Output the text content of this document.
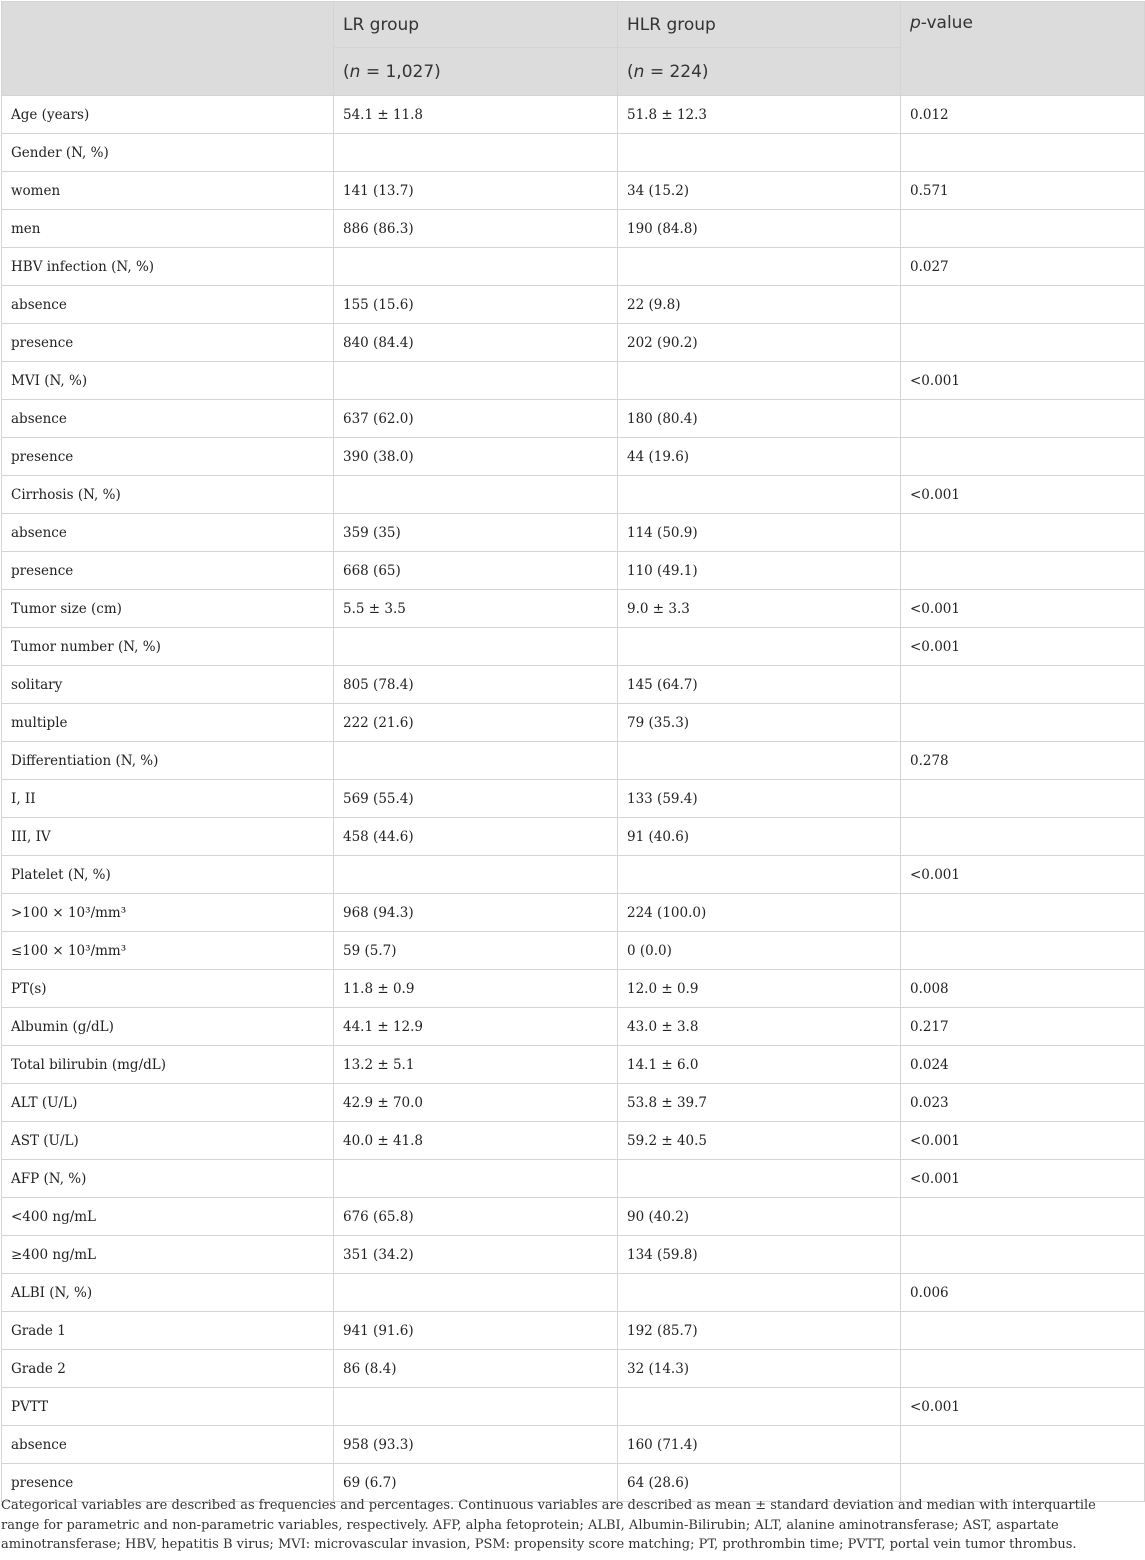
	LR group	HLR group	p-value
	(n = 1,027)	(n = 224)	
Age (years)	54.1 ± 11.8	51.8 ± 12.3	0.012
Gender (N, %)			
women	141 (13.7)	34 (15.2)	0.571
men	886 (86.3)	190 (84.8)	
HBV infection (N, %)			0.027
absence	155 (15.6)	22 (9.8)	
presence	840 (84.4)	202 (90.2)	
MVI (N, %)			<0.001
absence	637 (62.0)	180 (80.4)	
presence	390 (38.0)	44 (19.6)	
Cirrhosis (N, %)			<0.001
absence	359 (35)	114 (50.9)	
presence	668 (65)	110 (49.1)	
Tumor size (cm)	5.5 ± 3.5	9.0 ± 3.3	<0.001
Tumor number (N, %)			<0.001
solitary	805 (78.4)	145 (64.7)	
multiple	222 (21.6)	79 (35.3)	
Differentiation (N, %)			0.278
I, II	569 (55.4)	133 (59.4)	
III, IV	458 (44.6)	91 (40.6)	
Platelet (N, %)			<0.001
>100 × 10³/mm³	968 (94.3)	224 (100.0)	
≤100 × 10³/mm³	59 (5.7)	0 (0.0)	
PT(s)	11.8 ± 0.9	12.0 ± 0.9	0.008
Albumin (g/dL)	44.1 ± 12.9	43.0 ± 3.8	0.217
Total bilirubin (mg/dL)	13.2 ± 5.1	14.1 ± 6.0	0.024
ALT (U/L)	42.9 ± 70.0	53.8 ± 39.7	0.023
AST (U/L)	40.0 ± 41.8	59.2 ± 40.5	<0.001
AFP (N, %)			<0.001
<400 ng/mL	676 (65.8)	90 (40.2)	
≥400 ng/mL	351 (34.2)	134 (59.8)	
ALBI (N, %)			0.006
Grade 1	941 (91.6)	192 (85.7)	
Grade 2	86 (8.4)	32 (14.3)	
PVTT			<0.001
absence	958 (93.3)	160 (71.4)	
presence	69 (6.7)	64 (28.6)	

Categorical variables are described as frequencies and percentages. Continuous variables are described as mean ± standard deviation and median with interquartile range for parametric and non-parametric variables, respectively. AFP, alpha fetoprotein; ALBI, Albumin-Bilirubin; ALT, alanine aminotransferase; AST, aspartate aminotransferase; HBV, hepatitis B virus; MVI: microvascular invasion, PSM: propensity score matching; PT, prothrombin time; PVTT, portal vein tumor thrombus.
